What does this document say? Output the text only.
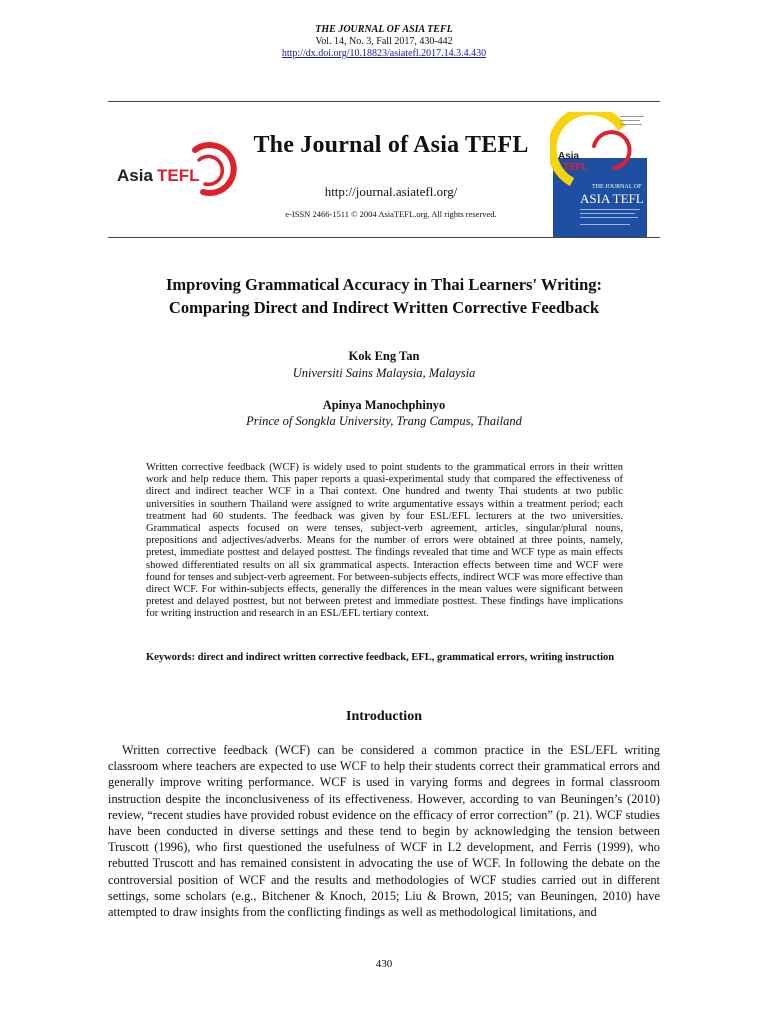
THE JOURNAL OF ASIA TEFL
Vol. 14, No. 3, Fall 2017, 430-442
http://dx.doi.org/10.18823/asiatefl.2017.14.3.4.430
Asia TEFL
The Journal of Asia TEFL
http://journal.asiatefl.org/
e-ISSN 2466-1511 © 2004 AsiaTEFL.org. All rights reserved.
Asia
TEFL
THE JOURNAL OF
ASIA TEFL
Improving Grammatical Accuracy in Thai Learners' Writing:
Comparing Direct and Indirect Written Corrective Feedback
Kok Eng Tan
Universiti Sains Malaysia, Malaysia
Apinya Manochphinyo
Prince of Songkla University, Trang Campus, Thailand
Written corrective feedback (WCF) is widely used to point students to the grammatical errors in their written work and help reduce them. This paper reports a quasi-experimental study that compared the effectiveness of direct and indirect teacher WCF in a Thai context. One hundred and twenty Thai students at two public universities in southern Thailand were assigned to write argumentative essays within a treatment period; each treatment had 60 students. The feedback was given by four ESL/EFL lecturers at the two universities. Grammatical aspects focused on were tenses, subject-verb agreement, articles, singular/plural nouns, prepositions and adjectives/adverbs. Means for the number of errors were obtained at three points, namely, pretest, immediate posttest and delayed posttest. The findings revealed that time and WCF type as main effects showed differentiated results on all six grammatical aspects. Interaction effects between time and WCF were found for tenses and subject-verb agreement. For between-subjects effects, indirect WCF was more effective than direct WCF. For within-subjects effects, generally the differences in the mean values were significant between pretest and delayed posttest, but not between pretest and immediate posttest. These findings have implications for writing instruction and research in an ESL/EFL tertiary context.
Keywords: direct and indirect written corrective feedback, EFL, grammatical errors, writing instruction
Introduction
Written corrective feedback (WCF) can be considered a common practice in the ESL/EFL writing classroom where teachers are expected to use WCF to help their students correct their grammatical errors and generally improve writing performance. WCF is used in varying forms and degrees in formal classroom instruction despite the inconclusiveness of its effectiveness. However, according to van Beuningen’s (2010) review, “recent studies have provided robust evidence on the efficacy of error correction” (p. 21). WCF studies have been conducted in diverse settings and these tend to begin by acknowledging the tension between Truscott (1996), who first questioned the usefulness of WCF in L2 development, and Ferris (1999), who rebutted Truscott and has remained consistent in advocating the use of WCF. In following the debate on the controversial position of WCF and the results and methodologies of WCF studies carried out in different settings, some scholars (e.g., Bitchener & Knoch, 2015; Liu & Brown, 2015; van Beuningen, 2010) have attempted to draw insights from the conflicting findings as well as methodological limitations, and
430
